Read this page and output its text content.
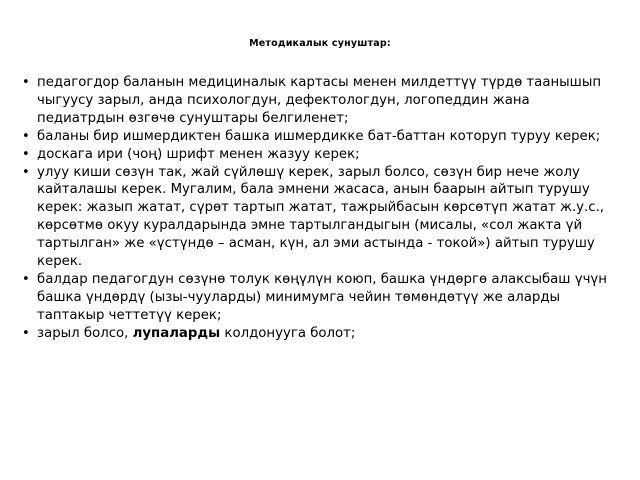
Методикалык сунуштар:
• педагогдор баланын медициналык картасы менен милдеттүү түрдө таанышып чыгуусу зарыл, анда психологдун, дефектологдун, логопеддин жана педиатрдын өзгөчө сунуштары белгиленет;
• баланы бир ишмердиктен башка ишмердикке бат-баттан которуп туруу керек;
• доскага ири (чоң) шрифт менен жазуу керек;
• улуу киши сөзүн так, жай сүйлөшү керек, зарыл болсо, сөзүн бир нече жолу кайталашы керек. Мугалим, бала эмнени жасаса, анын баарын айтып турушу керек: жазып жатат, сүрөт тартып жатат, тажрыйбасын көрсөтүп жатат ж.у.с., көрсөтмө окуу куралдарында эмне тартылгандыгын (мисалы, «сол жакта үй тартылган» же «үстүндө – асман, күн, ал эми астында - токой») айтып турушу керек.
• балдар педагогдун сөзүнө толук көңүлүн коюп, башка үндөргө алаксыбаш үчүн башка үндөрдү (ызы-чууларды) минимумга чейин төмөндөтүү же аларды таптакыр четтетүү керек;
• зарыл болсо, лупаларды колдонууга болот;
